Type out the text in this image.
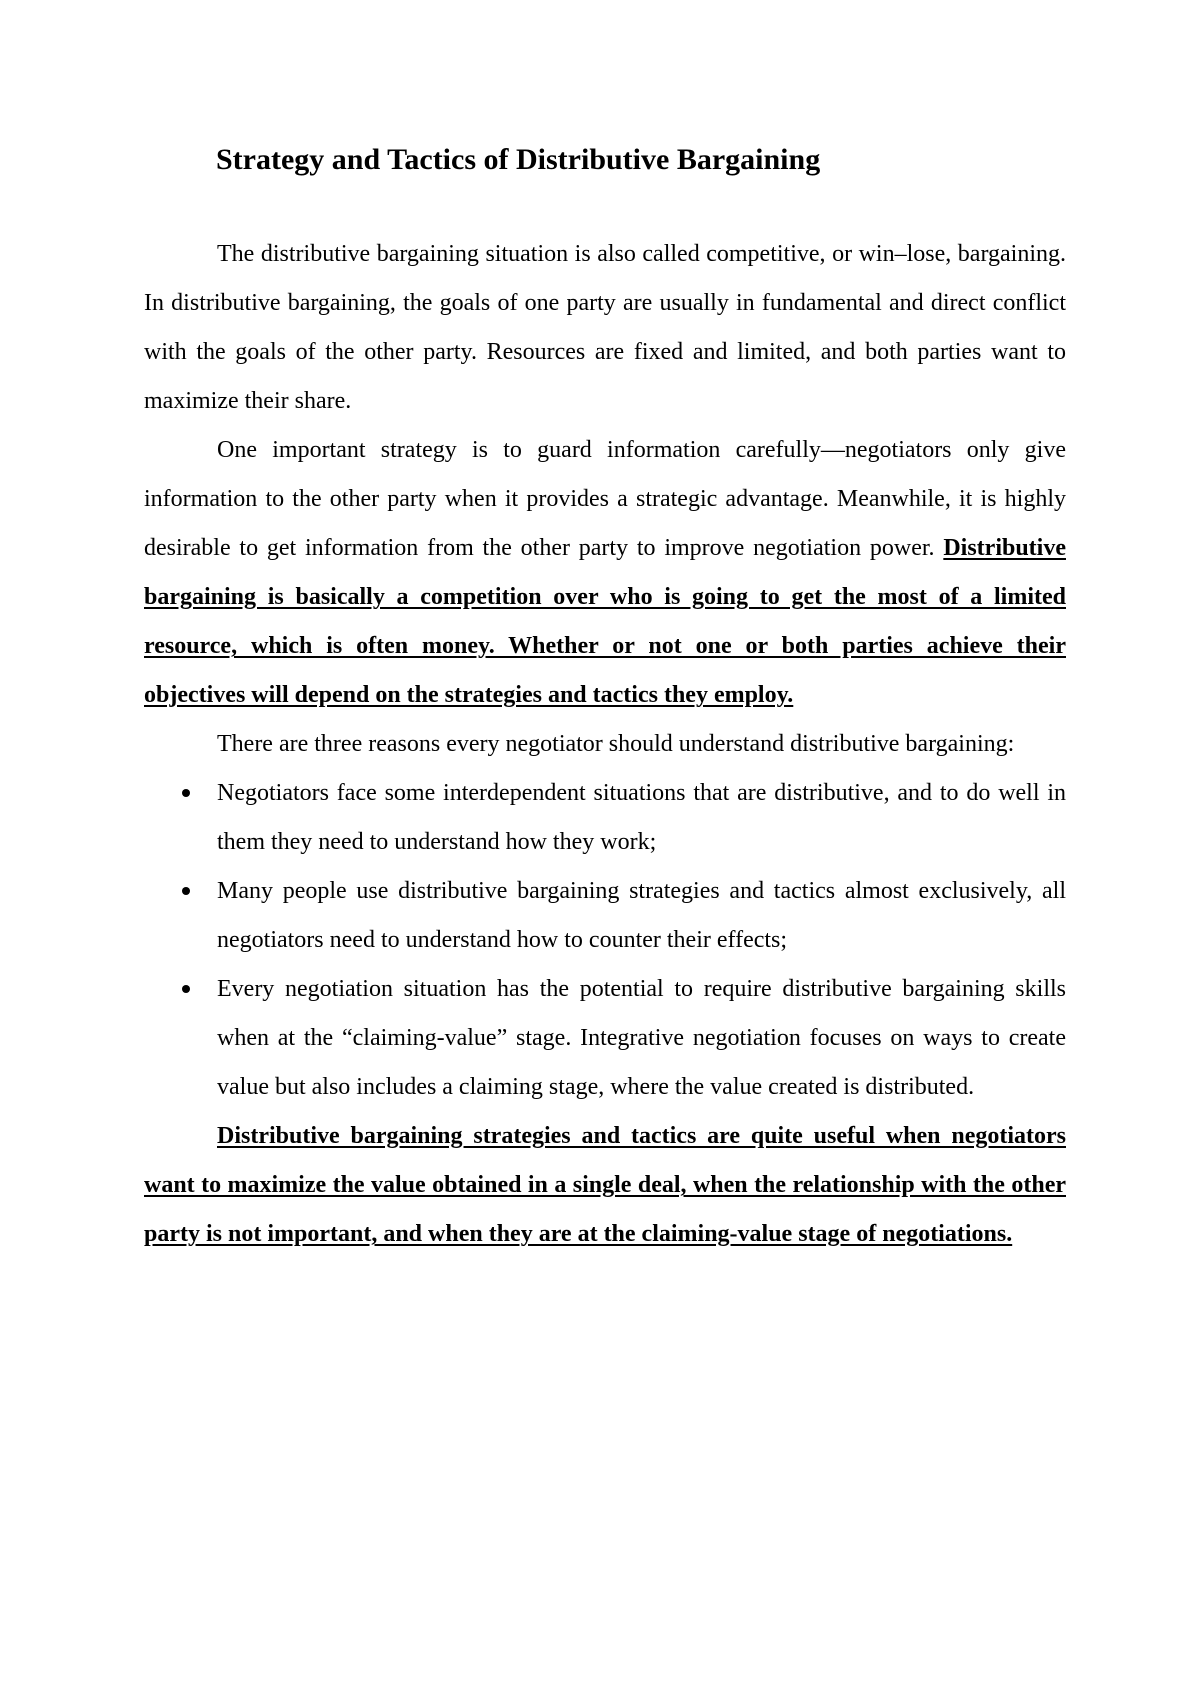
Strategy and Tactics of Distributive Bargaining

The distributive bargaining situation is also called competitive, or win–lose, bargaining. In distributive bargaining, the goals of one party are usually in fundamental and direct conflict with the goals of the other party. Resources are fixed and limited, and both parties want to maximize their share.

One important strategy is to guard information carefully—negotiators only give information to the other party when it provides a strategic advantage. Meanwhile, it is highly desirable to get information from the other party to improve negotiation power. Distributive bargaining is basically a competition over who is going to get the most of a limited resource, which is often money. Whether or not one or both parties achieve their objectives will depend on the strategies and tactics they employ.

There are three reasons every negotiator should understand distributive bargaining:

Negotiators face some interdependent situations that are distributive, and to do well in them they need to understand how they work;
Many people use distributive bargaining strategies and tactics almost exclusively, all negotiators need to understand how to counter their effects;
Every negotiation situation has the potential to require distributive bargaining skills when at the “claiming-value” stage. Integrative negotiation focuses on ways to create value but also includes a claiming stage, where the value created is distributed.

Distributive bargaining strategies and tactics are quite useful when negotiators want to maximize the value obtained in a single deal, when the relationship with the other party is not important, and when they are at the claiming-value stage of negotiations.
